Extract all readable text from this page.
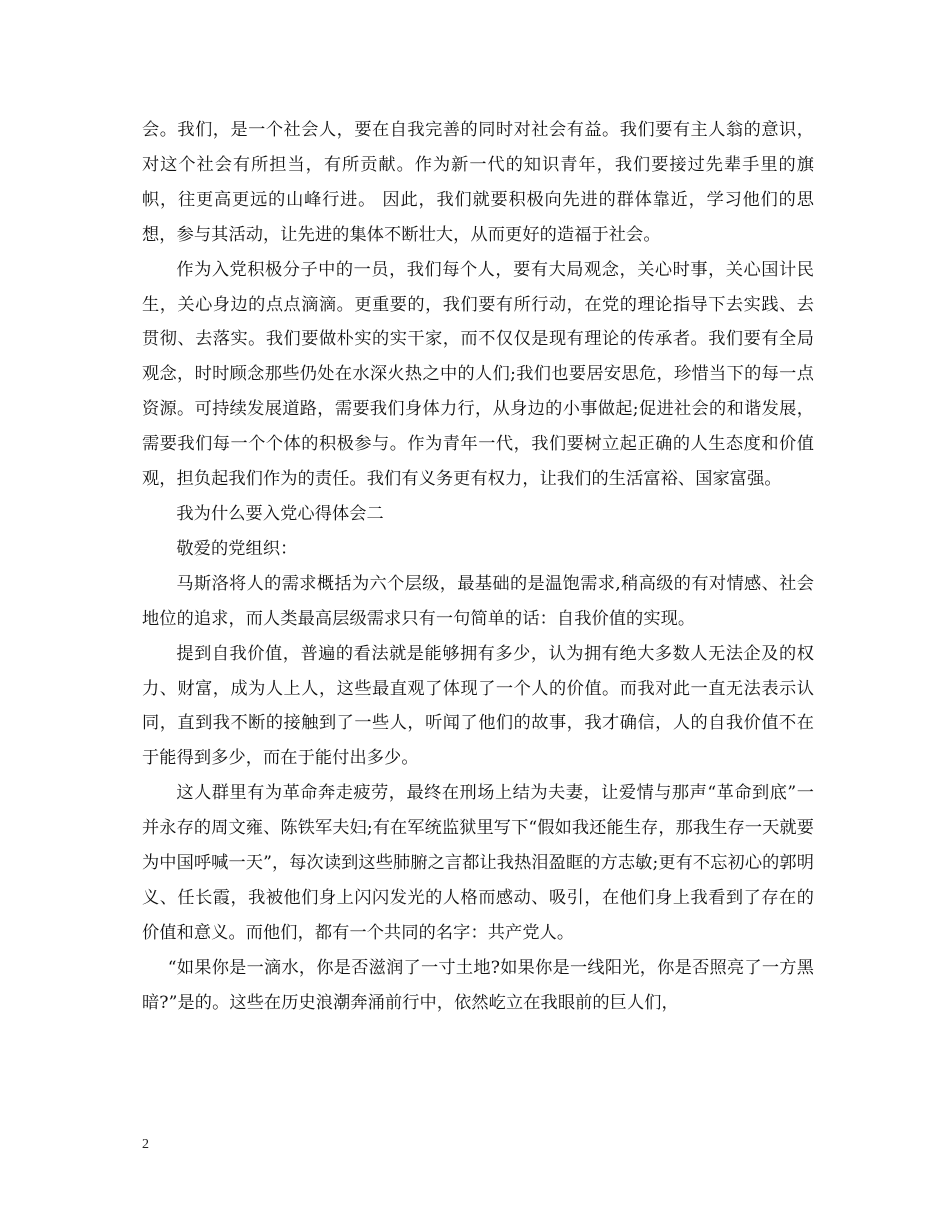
会。我们，是一个社会人，要在自我完善的同时对社会有益。我们要有主人翁的意识，对这个社会有所担当，有所贡献。作为新一代的知识青年，我们要接过先辈手里的旗帜，往更高更远的山峰行进。 因此，我们就要积极向先进的群体靠近，学习他们的思想，参与其活动，让先进的集体不断壮大，从而更好的造福于社会。

作为入党积极分子中的一员，我们每个人，要有大局观念，关心时事，关心国计民生，关心身边的点点滴滴。更重要的，我们要有所行动，在党的理论指导下去实践、去贯彻、去落实。我们要做朴实的实干家，而不仅仅是现有理论的传承者。我们要有全局观念，时时顾念那些仍处在水深火热之中的人们;我们也要居安思危，珍惜当下的每一点资源。可持续发展道路，需要我们身体力行，从身边的小事做起;促进社会的和谐发展，需要我们每一个个体的积极参与。作为青年一代，我们要树立起正确的人生态度和价值观，担负起我们作为的责任。我们有义务更有权力，让我们的生活富裕、国家富强。

我为什么要入党心得体会二

敬爱的党组织：

马斯洛将人的需求概括为六个层级，最基础的是温饱需求,稍高级的有对情感、社会地位的追求，而人类最高层级需求只有一句简单的话：自我价值的实现。

提到自我价值，普遍的看法就是能够拥有多少，认为拥有绝大多数人无法企及的权力、财富，成为人上人，这些最直观了体现了一个人的价值。而我对此一直无法表示认同，直到我不断的接触到了一些人，听闻了他们的故事，我才确信，人的自我价值不在于能得到多少，而在于能付出多少。

这人群里有为革命奔走疲劳，最终在刑场上结为夫妻，让爱情与那声“革命到底”一并永存的周文雍、陈铁军夫妇;有在军统监狱里写下“假如我还能生存，那我生存一天就要为中国呼喊一天”，每次读到这些肺腑之言都让我热泪盈眶的方志敏;更有不忘初心的郭明义、任长霞，我被他们身上闪闪发光的人格而感动、吸引，在他们身上我看到了存在的价值和意义。而他们，都有一个共同的名字：共产党人。

“如果你是一滴水，你是否滋润了一寸土地?如果你是一线阳光，你是否照亮了一方黑暗?”是的。这些在历史浪潮奔涌前行中，依然屹立在我眼前的巨人们，

2
